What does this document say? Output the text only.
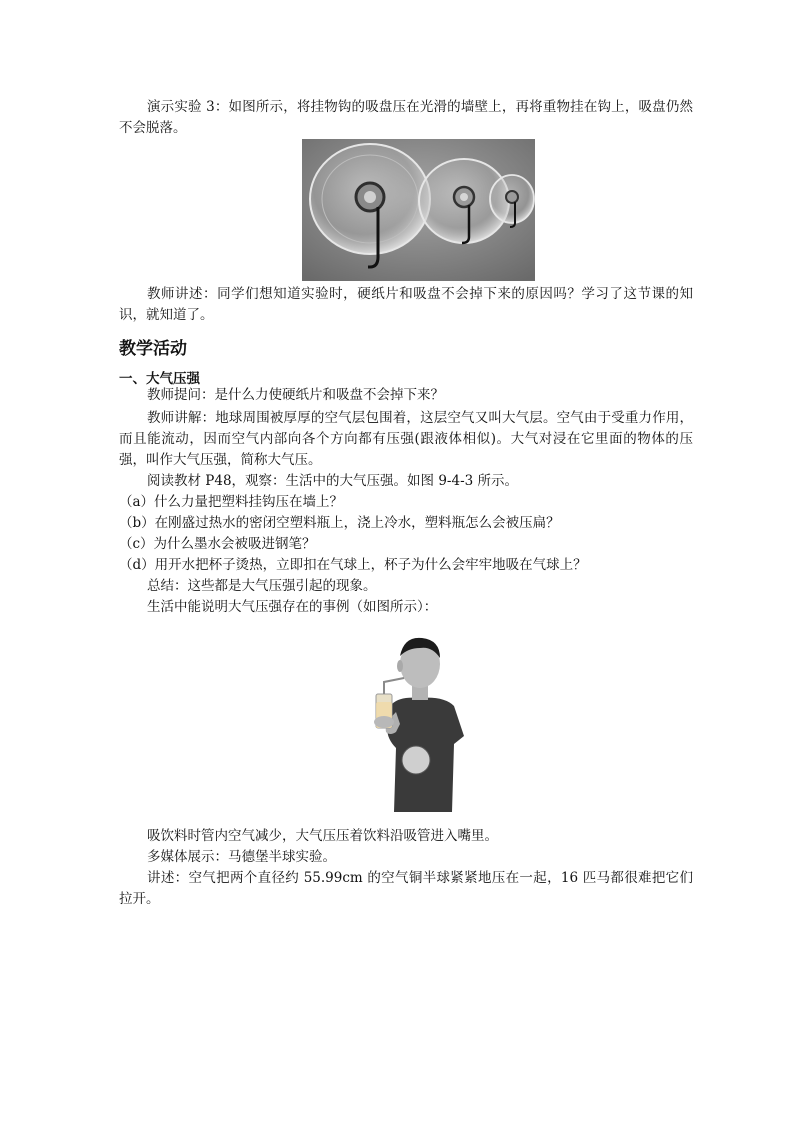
演示实验 3：如图所示，将挂物钩的吸盘压在光滑的墙壁上，再将重物挂在钩上，吸盘仍然不会脱落。

教师讲述：同学们想知道实验时，硬纸片和吸盘不会掉下来的原因吗？学习了这节课的知识，就知道了。

教学活动
一、大气压强

教师提问：是什么力使硬纸片和吸盘不会掉下来？

教师讲解：地球周围被厚厚的空气层包围着，这层空气又叫大气层。空气由于受重力作用，而且能流动，因而空气内部向各个方向都有压强(跟液体相似)。大气对浸在它里面的物体的压强，叫作大气压强，简称大气压。

阅读教材 P48，观察：生活中的大气压强。如图 9-4-3 所示。

（a）什么力量把塑料挂钩压在墙上？

（b）在刚盛过热水的密闭空塑料瓶上，浇上冷水，塑料瓶怎么会被压扁？

（c）为什么墨水会被吸进钢笔？

（d）用开水把杯子烫热，立即扣在气球上，杯子为什么会牢牢地吸在气球上？

总结：这些都是大气压强引起的现象。

生活中能说明大气压强存在的事例（如图所示）：

吸饮料时管内空气减少，大气压压着饮料沿吸管进入嘴里。

多媒体展示：马德堡半球实验。

讲述：空气把两个直径约 55.99cm 的空气铜半球紧紧地压在一起，16 匹马都很难把它们拉开。
